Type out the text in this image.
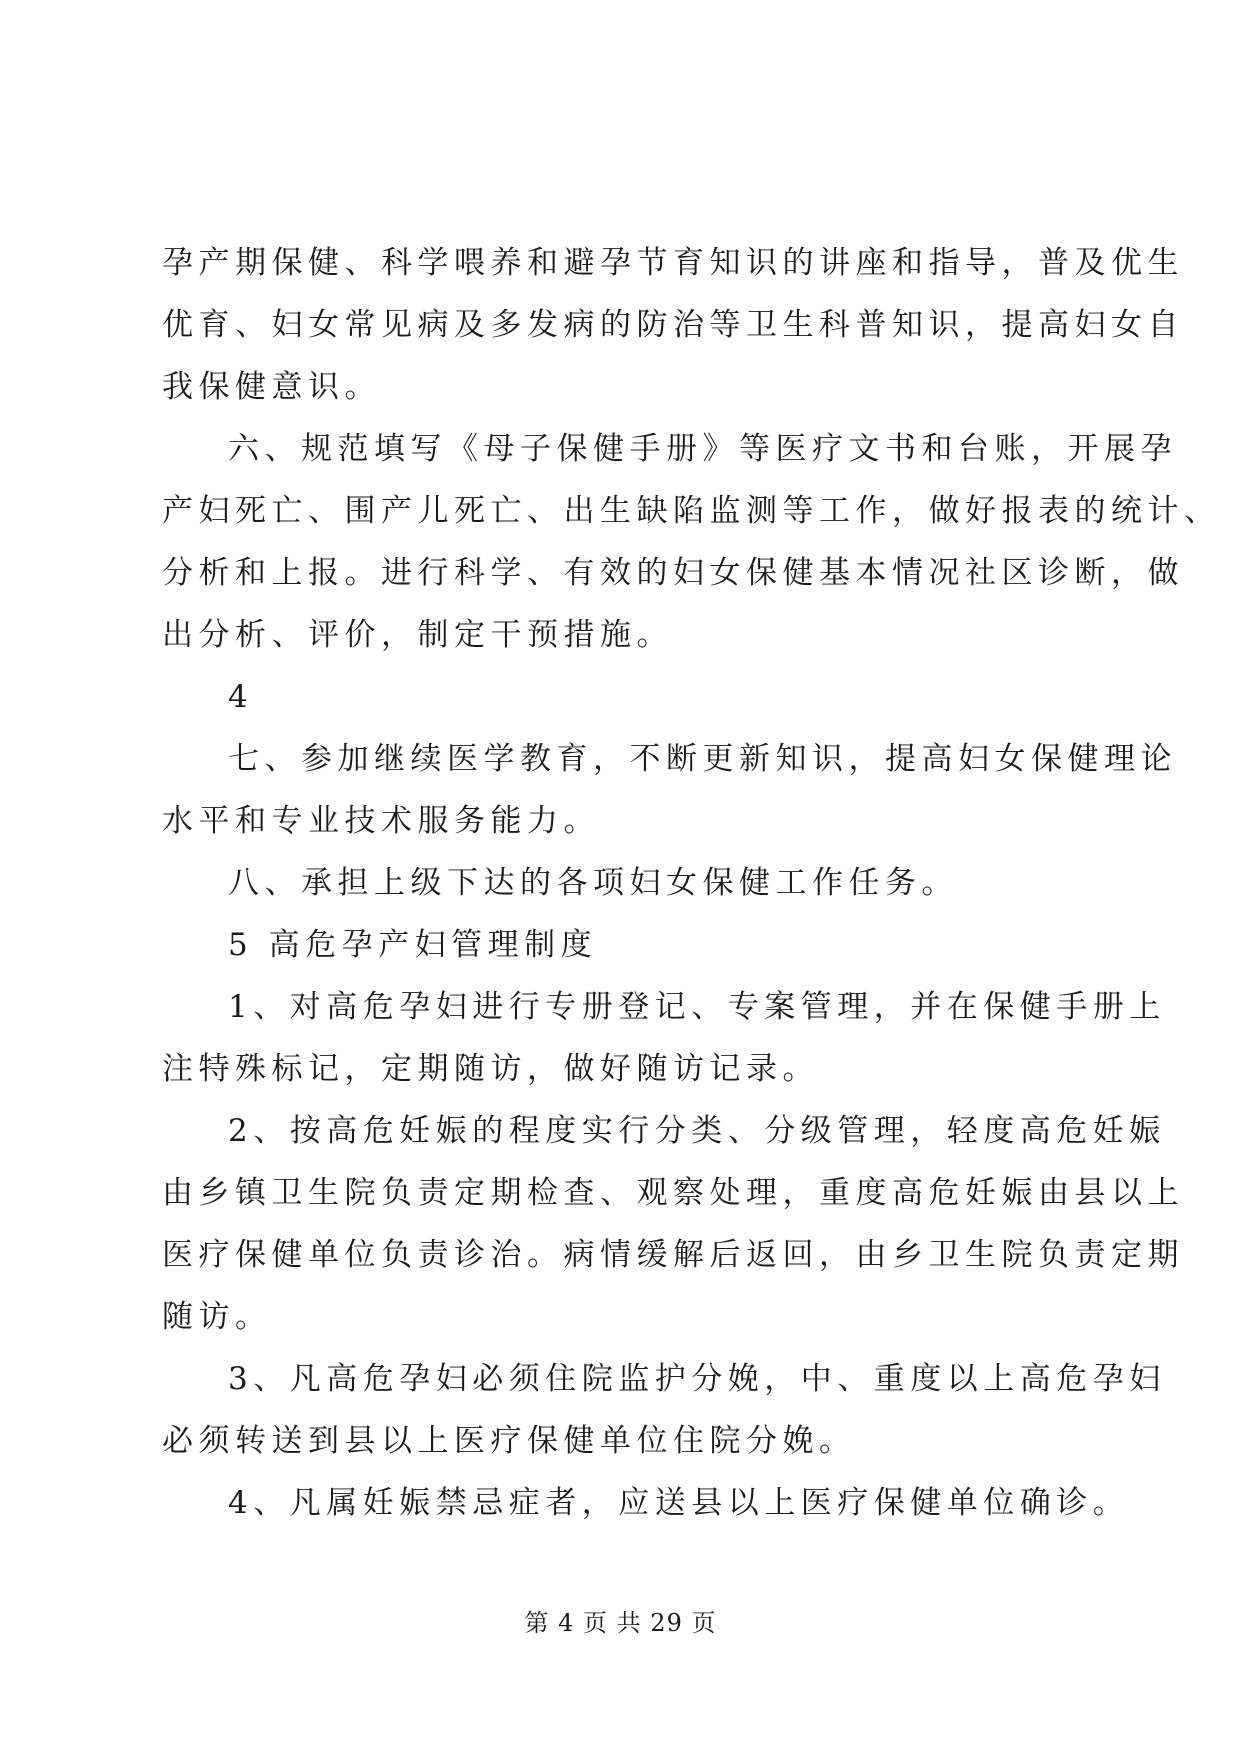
孕产期保健、科学喂养和避孕节育知识的讲座和指导，普及优生
优育、妇女常见病及多发病的防治等卫生科普知识，提高妇女自
我保健意识。
六、规范填写《母子保健手册》等医疗文书和台账，开展孕
产妇死亡、围产儿死亡、出生缺陷监测等工作，做好报表的统计、
分析和上报。进行科学、有效的妇女保健基本情况社区诊断，做
出分析、评价，制定干预措施。
4
七、参加继续医学教育，不断更新知识，提高妇女保健理论
水平和专业技术服务能力。
八、承担上级下达的各项妇女保健工作任务。
5 高危孕产妇管理制度
1、对高危孕妇进行专册登记、专案管理，并在保健手册上
注特殊标记，定期随访，做好随访记录。
2、按高危妊娠的程度实行分类、分级管理，轻度高危妊娠
由乡镇卫生院负责定期检查、观察处理，重度高危妊娠由县以上
医疗保健单位负责诊治。病情缓解后返回，由乡卫生院负责定期
随访。
3、凡高危孕妇必须住院监护分娩，中、重度以上高危孕妇
必须转送到县以上医疗保健单位住院分娩。
4、凡属妊娠禁忌症者，应送县以上医疗保健单位确诊。
第 4 页 共 29 页
